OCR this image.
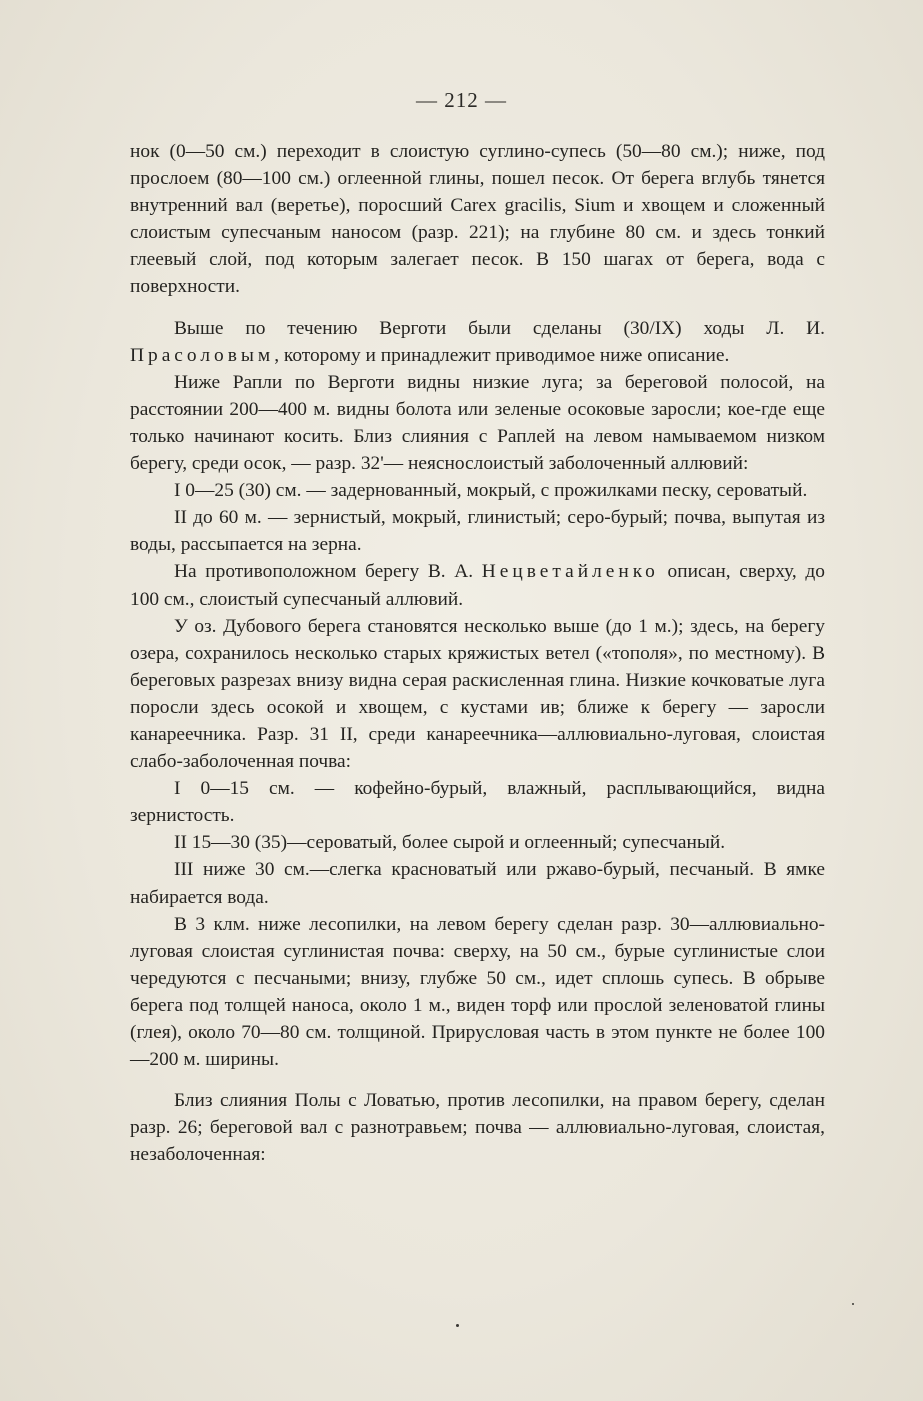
— 212 —

нок (0—50 см.) переходит в слоистую суглино-супесь (50—80 см.); ниже, под прослоем (80—100 см.) оглеенной глины, пошел песок. От берега вглубь тянется внутренний вал (веретье), поросший Carex gracilis, Sium и хвощем и сложенный слоистым супесчаным наносом (разр. 221); на глубине 80 см. и здесь тонкий глеевый слой, под которым залегает песок. В 150 шагах от берега, вода с поверхности.

Выше по течению Верготи были сделаны (30/IX) ходы Л. И. Прасоловым, которому и принадлежит приводимое ниже описание.

Ниже Рапли по Верготи видны низкие луга; за береговой полосой, на расстоянии 200—400 м. видны болота или зеленые осоковые заросли; кое-где еще только начинают косить. Близ слияния с Раплей на левом намываемом низком берегу, среди осок, — разр. 32'— неяснослоистый заболоченный аллювий:

I 0—25 (30) см. — задернованный, мокрый, с прожилками песку, сероватый.

II до 60 м. — зернистый, мокрый, глинистый; серо-бурый; почва, выпутая из воды, рассыпается на зерна.

На противоположном берегу В. А. Нецветайленко описан, сверху, до 100 см., слоистый супесчаный аллювий.

У оз. Дубового берега становятся несколько выше (до 1 м.); здесь, на берегу озера, сохранилось несколько старых кряжистых ветел («тополя», по местному). В береговых разрезах внизу видна серая раскисленная глина. Низкие кочковатые луга поросли здесь осокой и хвощем, с кустами ив; ближе к берегу — заросли канареечника. Разр. 31 II, среди канареечника—аллювиально-луговая, слоистая слабо-заболоченная почва:

I 0—15 см. — кофейно-бурый, влажный, расплывающийся, видна зернистость.

II 15—30 (35)—сероватый, более сырой и оглеенный; супесчаный.

III ниже 30 см.—слегка красноватый или ржаво-бурый, песчаный. В ямке набирается вода.

В 3 клм. ниже лесопилки, на левом берегу сделан разр. 30—аллювиально-луговая слоистая суглинистая почва: сверху, на 50 см., бурые суглинистые слои чередуются с песчаными; внизу, глубже 50 см., идет сплошь супесь. В обрыве берега под толщей наноса, около 1 м., виден торф или прослой зеленоватой глины (глея), около 70—80 см. толщиной. Прирусловая часть в этом пункте не более 100—200 м. ширины.

Близ слияния Полы с Ловатью, против лесопилки, на правом берегу, сделан разр. 26; береговой вал с разнотравьем; почва — аллювиально-луговая, слоистая, незаболоченная:
